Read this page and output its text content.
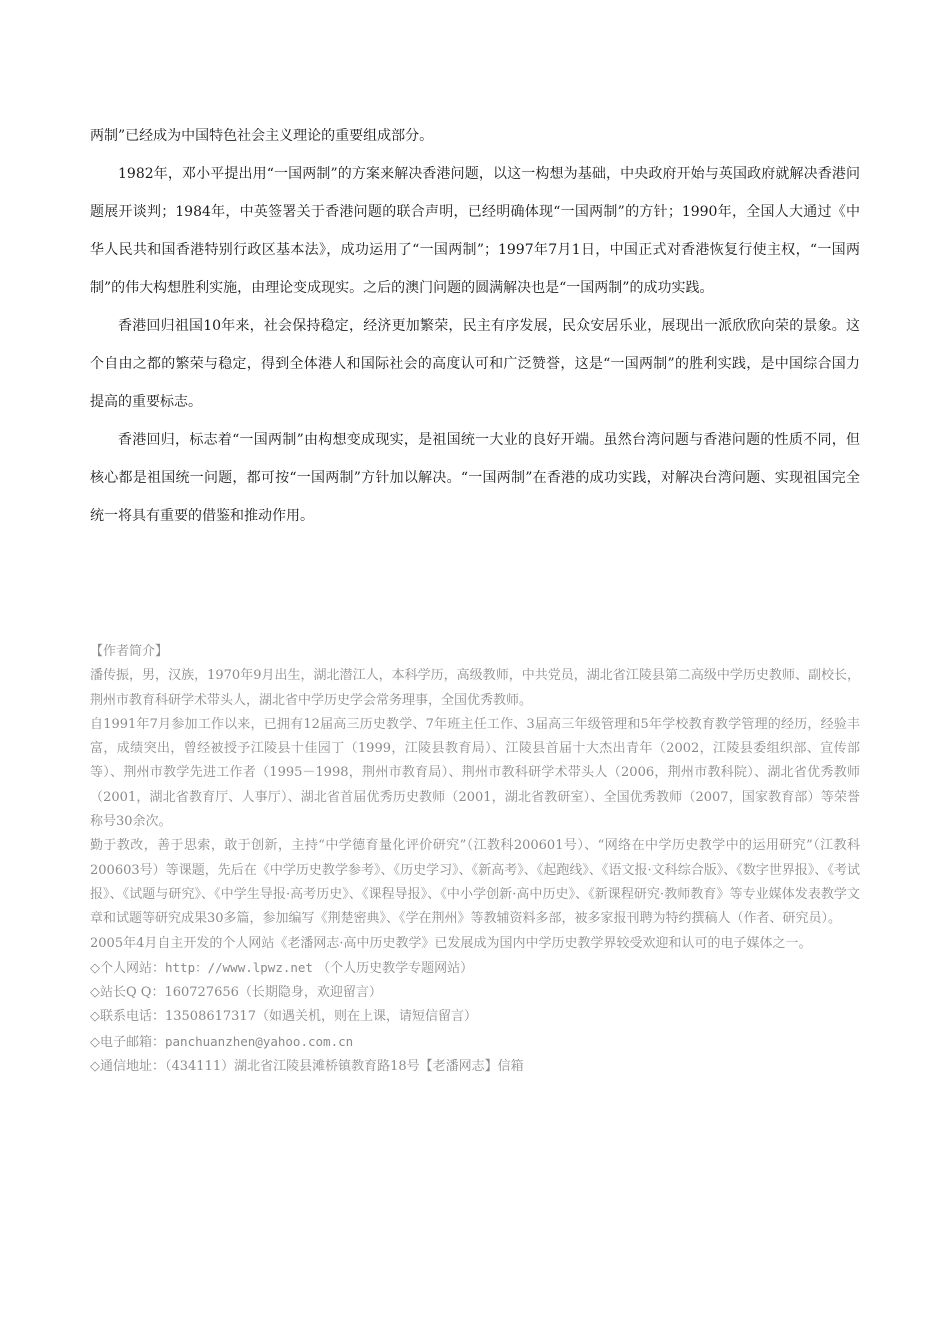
两制”已经成为中国特色社会主义理论的重要组成部分。

1982年，邓小平提出用“一国两制”的方案来解决香港问题，以这一构想为基础，中央政府开始与英国政府就解决香港问题展开谈判；1984年，中英签署关于香港问题的联合声明，已经明确体现“一国两制”的方针；1990年，全国人大通过《中华人民共和国香港特别行政区基本法》，成功运用了“一国两制”；1997年7月1日，中国正式对香港恢复行使主权，“一国两制”的伟大构想胜利实施，由理论变成现实。之后的澳门问题的圆满解决也是“一国两制”的成功实践。

香港回归祖国10年来，社会保持稳定，经济更加繁荣，民主有序发展，民众安居乐业，展现出一派欣欣向荣的景象。这个自由之都的繁荣与稳定，得到全体港人和国际社会的高度认可和广泛赞誉，这是“一国两制”的胜利实践，是中国综合国力提高的重要标志。

香港回归，标志着“一国两制”由构想变成现实，是祖国统一大业的良好开端。虽然台湾问题与香港问题的性质不同，但核心都是祖国统一问题，都可按“一国两制”方针加以解决。“一国两制”在香港的成功实践，对解决台湾问题、实现祖国完全统一将具有重要的借鉴和推动作用。

【作者简介】

潘传振，男，汉族，1970年9月出生，湖北潜江人，本科学历，高级教师，中共党员，湖北省江陵县第二高级中学历史教师、副校长，荆州市教育科研学术带头人，湖北省中学历史学会常务理事，全国优秀教师。

自1991年7月参加工作以来，已拥有12届高三历史教学、7年班主任工作、3届高三年级管理和5年学校教育教学管理的经历，经验丰富，成绩突出，曾经被授予江陵县十佳园丁（1999，江陵县教育局）、江陵县首届十大杰出青年（2002，江陵县委组织部、宣传部等）、荆州市教学先进工作者（1995－1998，荆州市教育局）、荆州市教科研学术带头人（2006，荆州市教科院）、湖北省优秀教师（2001，湖北省教育厅、人事厅）、湖北省首届优秀历史教师（2001，湖北省教研室）、全国优秀教师（2007，国家教育部）等荣誉称号30余次。

勤于教改，善于思索，敢于创新，主持“中学德育量化评价研究”（江教科200601号）、“网络在中学历史教学中的运用研究”（江教科200603号）等课题，先后在《中学历史教学参考》、《历史学习》、《新高考》、《起跑线》、《语文报·文科综合版》、《数字世界报》、《考试报》、《试题与研究》、《中学生导报·高考历史》、《课程导报》、《中小学创新·高中历史》、《新课程研究·教师教育》等专业媒体发表教学文章和试题等研究成果30多篇，参加编写《荆楚密典》、《学在荆州》等教辅资料多部，被多家报刊聘为特约撰稿人（作者、研究员）。

2005年4月自主开发的个人网站《老潘网志·高中历史教学》已发展成为国内中学历史教学界较受欢迎和认可的电子媒体之一。

◇个人网站：http：//www.lpwz.net （个人历史教学专题网站）

◇站长Q Q：160727656（长期隐身，欢迎留言）

◇联系电话：13508617317（如遇关机，则在上课，请短信留言）

◇电子邮箱：panchuanzhen@yahoo.com.cn

◇通信地址：（434111）湖北省江陵县滩桥镇教育路18号【老潘网志】信箱
